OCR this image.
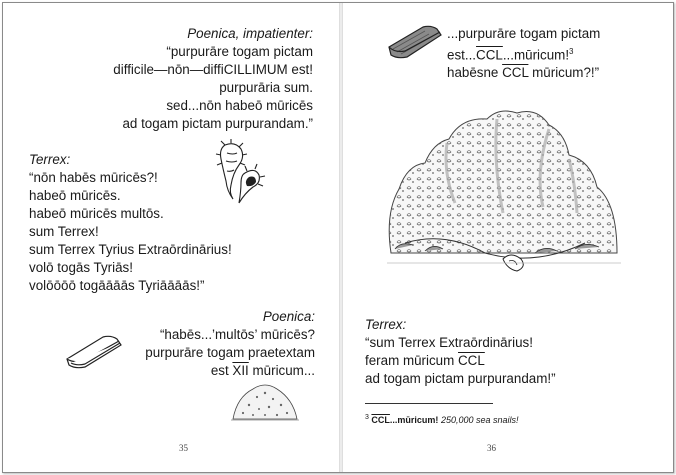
Poenica, impatienter:
“purpurāre togam pictam
difficile—nōn—diffiCILLIMUM est!
purpurāria sum.
sed...nōn habeō mūricēs
ad togam pictam purpurandam.”
Terrex:
“nōn habēs mūricēs?!
habeō mūricēs.
habeō mūricēs multōs.
sum Terrex!
sum Terrex Tyrius Extraōrdinārius!
volō togās Tyriās!
volōōōō togāāāās Tyriāāāās!”
Poenica:
“habēs...’multōs’ mūricēs?
purpurāre togam praetextam
est $\overline{XII}$ mūricum...
35
...purpurāre togam pictam
$est...\overline{CCL}...mūricum!^3$
habēsne $\overline{CCL}$ mūricum?!”
Terrex:
“sum Terrex Extraōrdinārius!
feram mūricum $\overline{CCL}$
ad togam pictam purpurandam!”
$^3$ $\overline{CCL}...mūricum$! 250,000 sea snails!
36
